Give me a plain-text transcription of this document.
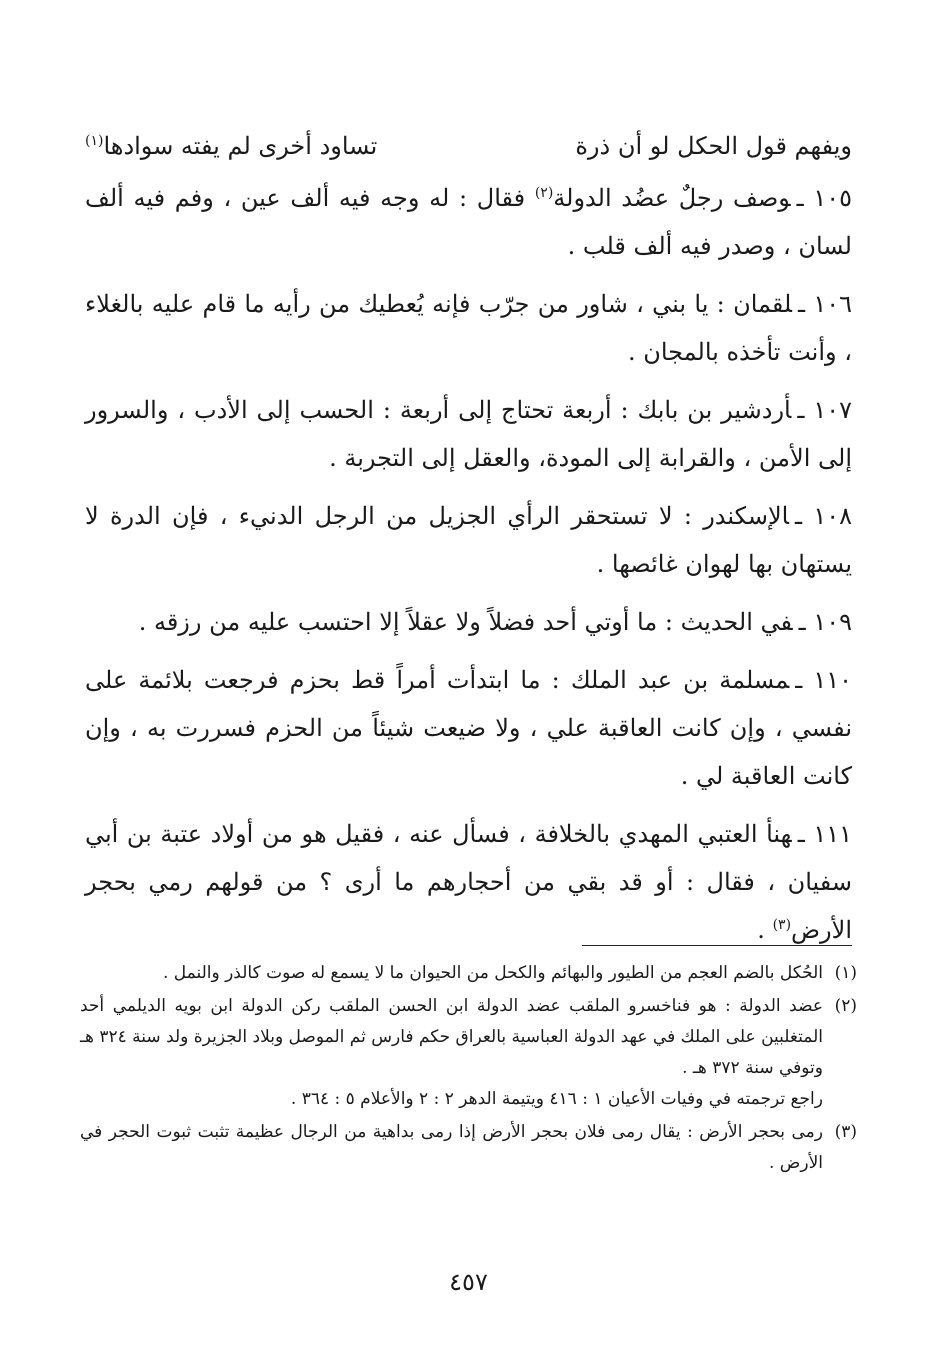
ويفهم قول الحكل لو أن ذرة
تساود أخرى لم يفته سوادها$^{(١)}$

١٠٥ ـوصف رجلٌ عضُد الدولة$^{(٢)}$ فقال : له وجه فيه ألف عين ، وفم فيه ألف لسان ، وصدر فيه ألف قلب .

١٠٦ ـلقمان : يا بني ، شاور من جرّب فإنه يُعطيك من رأيه ما قام عليه بالغلاء ، وأنت تأخذه بالمجان .

١٠٧ ـأردشير بن بابك : أربعة تحتاج إلى أربعة : الحسب إلى الأدب ، والسرور إلى الأمن ، والقرابة إلى المودة، والعقل إلى التجربة .

١٠٨ ـالإسكندر : لا تستحقر الرأي الجزيل من الرجل الدنيء ، فإن الدرة لا يستهان بها لهوان غائصها .

١٠٩ ـفي الحديث : ما أوتي أحد فضلاً ولا عقلاً إلا احتسب عليه من رزقه .

١١٠ ـمسلمة بن عبد الملك : ما ابتدأت أمراً قط بحزم فرجعت بلائمة على نفسي ، وإن كانت العاقبة علي ، ولا ضيعت شيئاً من الحزم فسررت به ، وإن كانت العاقبة لي .

١١١ ـهنأ العتبي المهدي بالخلافة ، فسأل عنه ، فقيل هو من أولاد عتبة بن أبي سفيان ، فقال : أو قد بقي من أحجارهم ما أرى ؟ من قولهم رمي بحجر الأرض$^{(٣)}$ .

(١)

الحُكل بالضم العجم من الطيور والبهائم والكحل من الحيوان ما لا يسمع له صوت كالذر والنمل .

(٢)

عضد الدولة : هو فناخسرو الملقب عضد الدولة ابن الحسن الملقب ركن الدولة ابن بويه الديلمي أحد المتغلبين على الملك في عهد الدولة العباسية بالعراق حكم فارس ثم الموصل وبلاد الجزيرة ولد سنة ٣٢٤ هـ وتوفي سنة ٣٧٢ هـ .

راجع ترجمته في وفيات الأعيان ١ : ٤١٦ ويتيمة الدهر ٢ : ٢ والأعلام ٥ : ٣٦٤ .

(٣)

رمى بحجر الأرض : يقال رمى فلان بحجر الأرض إذا رمى بداهية من الرجال عظيمة تثبت ثبوت الحجر في الأرض .

٤٥٧
